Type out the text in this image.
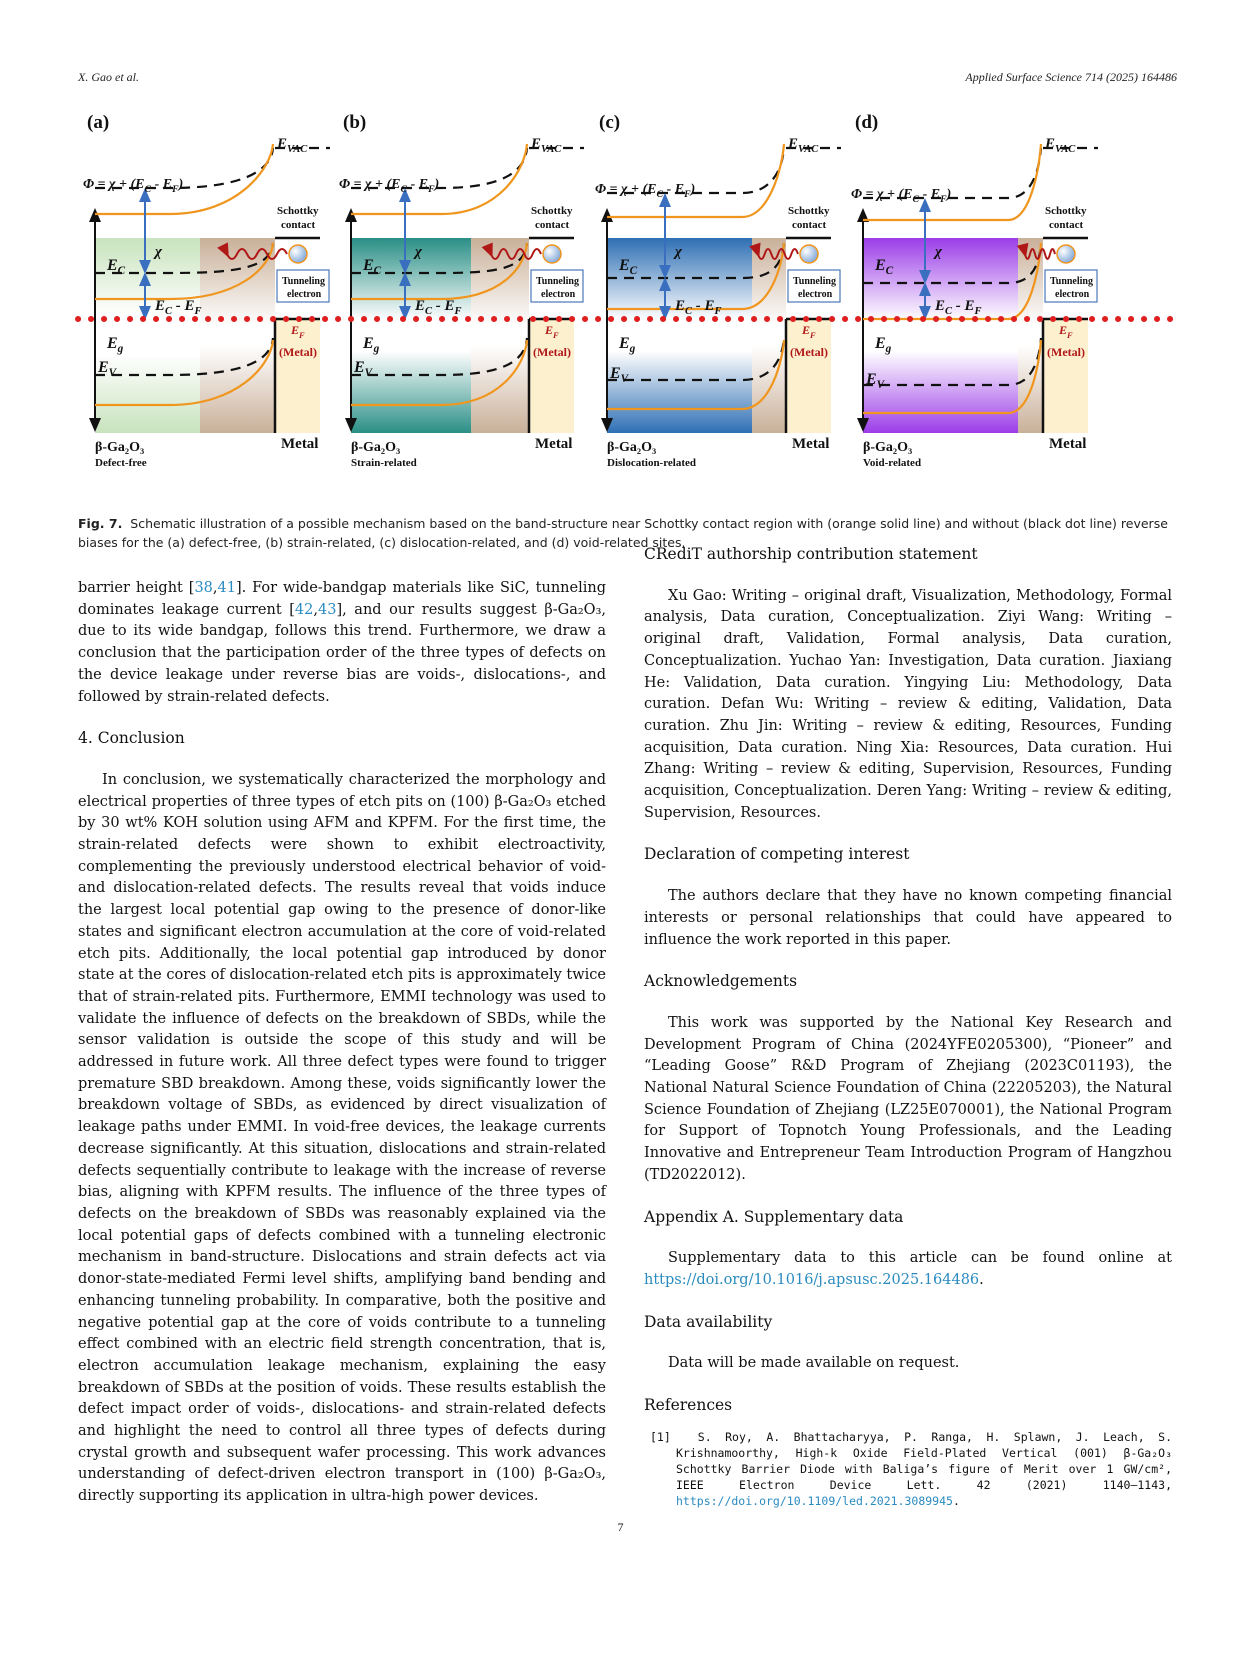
X. Gao et al.	Applied Surface Science 714 (2025) 164486
Tunneling
electron
(a)
$E_{VAC}$
$\Phi = \chi + (E_C - E_F)$
Schottky
contact
χ
$E_C$
$E_C - E_F$
$E_g$
$E_V$
$E_F$
(Metal)
Metal
β-Ga₂O₃
Defect-free
Tunneling
electron
(b)
$E_{VAC}$
$\Phi = \chi + (E_C - E_F)$
Schottky
contact
χ
$E_C$
$E_C - E_F$
$E_g$
$E_V$
$E_F$
(Metal)
Metal
β-Ga₂O₃
Strain-related
Tunneling
electron
(c)
$E_{VAC}$
$\Phi = \chi + (E_C - E_F)$
Schottky
contact
χ
$E_C$
$E_C - E_F$
$E_g$
$E_V$
$E_F$
(Metal)
Metal
β-Ga₂O₃
Dislocation-related
Tunneling
electron
(d)
$E_{VAC}$
$\Phi = \chi + (E_C - E_F)$
Schottky
contact
χ
$E_C$
$E_C - E_F$
$E_g$
$E_V$
$E_F$
(Metal)
Metal
β-Ga₂O₃
Void-related
Fig. 7. Schematic illustration of a possible mechanism based on the band-structure near Schottky contact region with (orange solid line) and without (black dot line) reverse biases for the (a) defect-free, (b) strain-related, (c) dislocation-related, and (d) void-related sites.

barrier height [38,41]. For wide-bandgap materials like SiC, tunneling dominates leakage current [42,43], and our results suggest β-Ga₂O₃, due to its wide bandgap, follows this trend. Furthermore, we draw a conclusion that the participation order of the three types of defects on the device leakage under reverse bias are voids-, dislocations-, and followed by strain-related defects.

4. Conclusion

In conclusion, we systematically characterized the morphology and electrical properties of three types of etch pits on (100) β-Ga₂O₃ etched by 30 wt% KOH solution using AFM and KPFM. For the first time, the strain-related defects were shown to exhibit electroactivity, complementing the previously understood electrical behavior of void- and dislocation-related defects. The results reveal that voids induce the largest local potential gap owing to the presence of donor-like states and significant electron accumulation at the core of void-related etch pits. Additionally, the local potential gap introduced by donor state at the cores of dislocation-related etch pits is approximately twice that of strain-related pits. Furthermore, EMMI technology was used to validate the influence of defects on the breakdown of SBDs, while the sensor validation is outside the scope of this study and will be addressed in future work. All three defect types were found to trigger premature SBD breakdown. Among these, voids significantly lower the breakdown voltage of SBDs, as evidenced by direct visualization of leakage paths under EMMI. In void-free devices, the leakage currents decrease significantly. At this situation, dislocations and strain-related defects sequentially contribute to leakage with the increase of reverse bias, aligning with KPFM results. The influence of the three types of defects on the breakdown of SBDs was reasonably explained via the local potential gaps of defects combined with a tunneling electronic mechanism in band-structure. Dislocations and strain defects act via donor-state-mediated Fermi level shifts, amplifying band bending and enhancing tunneling probability. In comparative, both the positive and negative potential gap at the core of voids contribute to a tunneling effect combined with an electric field strength concentration, that is, electron accumulation leakage mechanism, explaining the easy breakdown of SBDs at the position of voids. These results establish the defect impact order of voids-, dislocations- and strain-related defects and highlight the need to control all three types of defects during crystal growth and subsequent wafer processing. This work advances understanding of defect-driven electron transport in (100) β-Ga₂O₃, directly supporting its application in ultra-high power devices.

CRediT authorship contribution statement

Xu Gao: Writing – original draft, Visualization, Methodology, Formal analysis, Data curation, Conceptualization. Ziyi Wang: Writing – original draft, Validation, Formal analysis, Data curation, Conceptualization. Yuchao Yan: Investigation, Data curation. Jiaxiang He: Validation, Data curation. Yingying Liu: Methodology, Data curation. Defan Wu: Writing – review & editing, Validation, Data curation. Zhu Jin: Writing – review & editing, Resources, Funding acquisition, Data curation. Ning Xia: Resources, Data curation. Hui Zhang: Writing – review & editing, Supervision, Resources, Funding acquisition, Conceptualization. Deren Yang: Writing – review & editing, Supervision, Resources.

Declaration of competing interest

The authors declare that they have no known competing financial interests or personal relationships that could have appeared to influence the work reported in this paper.

Acknowledgements

This work was supported by the National Key Research and Development Program of China (2024YFE0205300), “Pioneer” and “Leading Goose” R&D Program of Zhejiang (2023C01193), the National Natural Science Foundation of China (22205203), the Natural Science Foundation of Zhejiang (LZ25E070001), the National Program for Support of Topnotch Young Professionals, and the Leading Innovative and Entrepreneur Team Introduction Program of Hangzhou (TD2022012).

Appendix A. Supplementary data

Supplementary data to this article can be found online at https://doi.org/10.1016/j.apsusc.2025.164486.

Data availability

Data will be made available on request.

References
[1] S. Roy, A. Bhattacharyya, P. Ranga, H. Splawn, J. Leach, S. Krishnamoorthy, High-k Oxide Field-Plated Vertical (001) β-Ga₂O₃ Schottky Barrier Diode with Baliga’s figure of Merit over 1 GW/cm², IEEE Electron Device Lett. 42 (2021) 1140–1143, https://doi.org/10.1109/led.2021.3089945.
7
